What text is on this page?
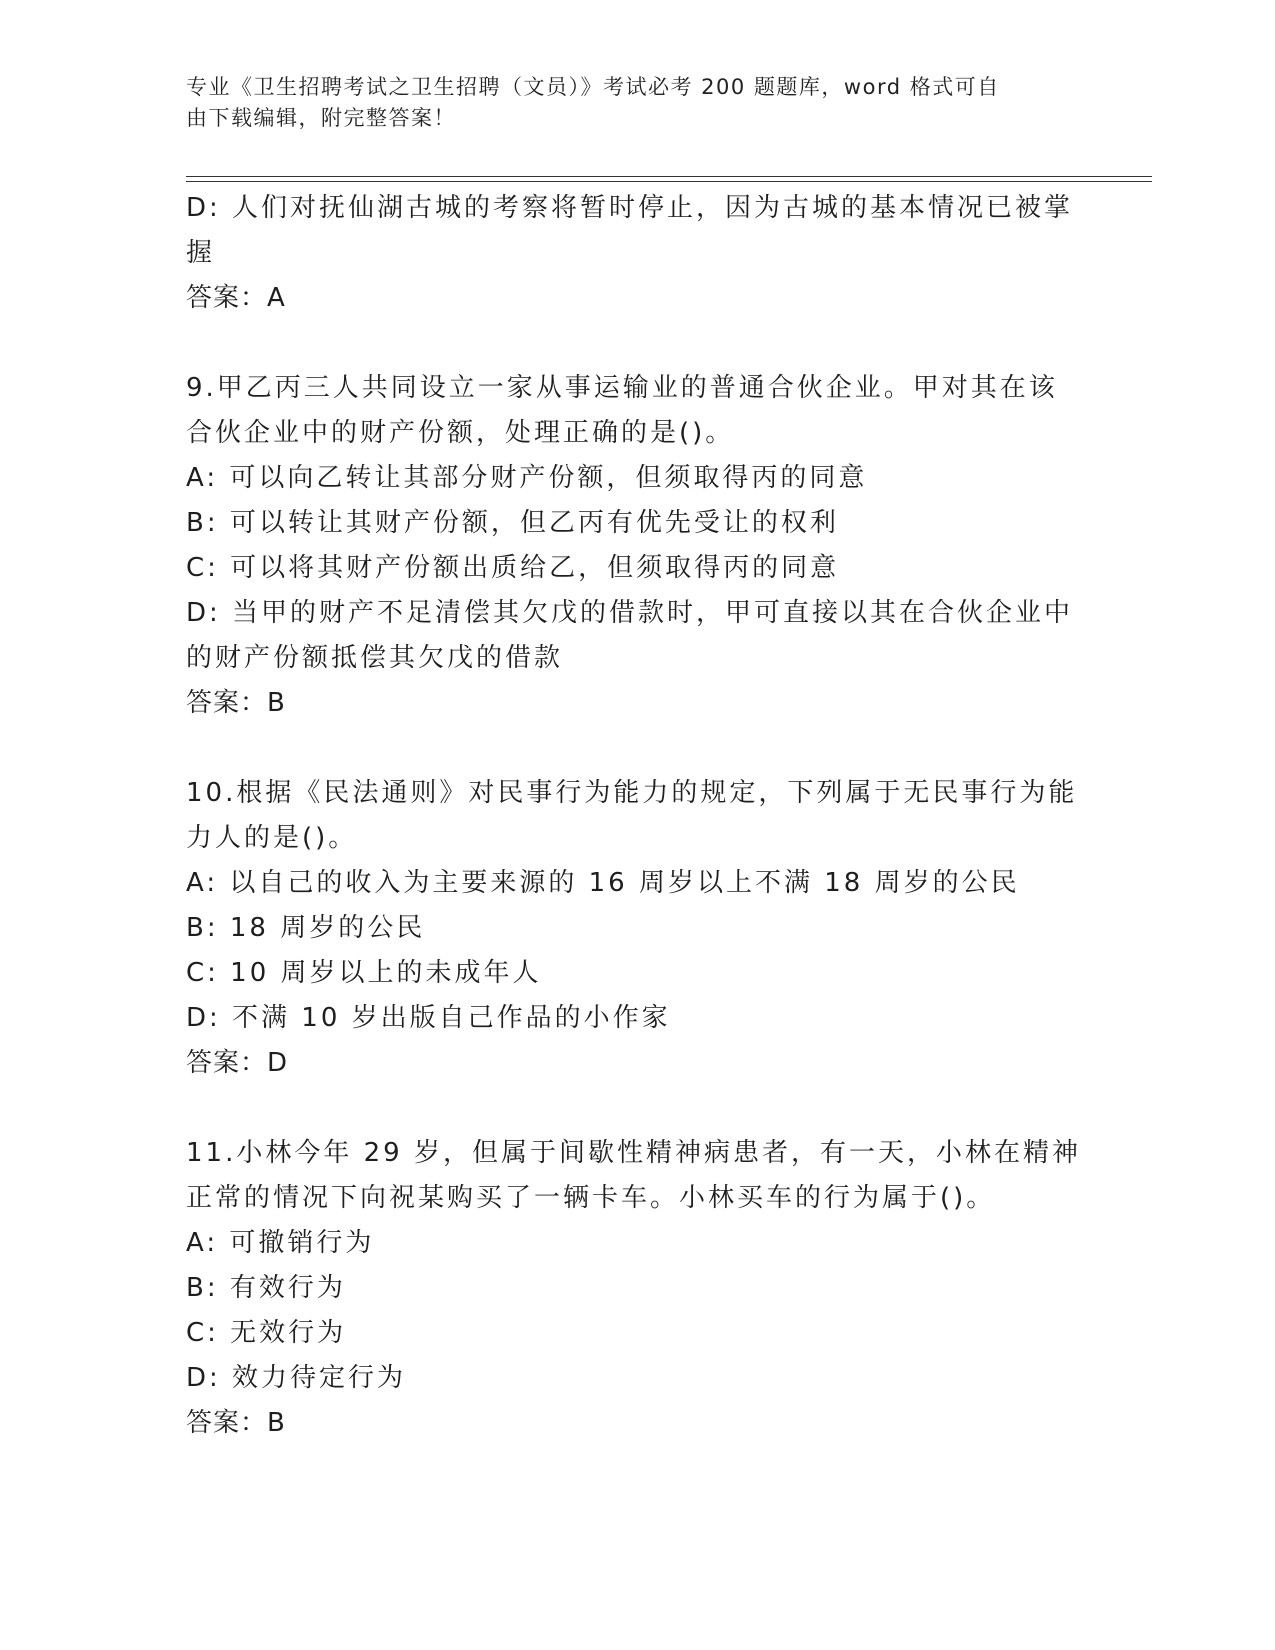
专业《卫生招聘考试之卫生招聘（文员）》考试必考 200 题题库，word 格式可自
由下载编辑，附完整答案！
D: 人们对抚仙湖古城的考察将暂时停止，因为古城的基本情况已被掌
握
答案：A
9.甲乙丙三人共同设立一家从事运输业的普通合伙企业。甲对其在该
合伙企业中的财产份额，处理正确的是()。
A: 可以向乙转让其部分财产份额，但须取得丙的同意
B: 可以转让其财产份额，但乙丙有优先受让的权利
C: 可以将其财产份额出质给乙，但须取得丙的同意
D: 当甲的财产不足清偿其欠戊的借款时，甲可直接以其在合伙企业中
的财产份额抵偿其欠戊的借款
答案：B
10.根据《民法通则》对民事行为能力的规定，下列属于无民事行为能
力人的是()。
A: 以自己的收入为主要来源的 16 周岁以上不满 18 周岁的公民
B: 18 周岁的公民
C: 10 周岁以上的未成年人
D: 不满 10 岁出版自己作品的小作家
答案：D
11.小林今年 29 岁，但属于间歇性精神病患者，有一天，小林在精神
正常的情况下向祝某购买了一辆卡车。小林买车的行为属于()。
A: 可撤销行为
B: 有效行为
C: 无效行为
D: 效力待定行为
答案：B
